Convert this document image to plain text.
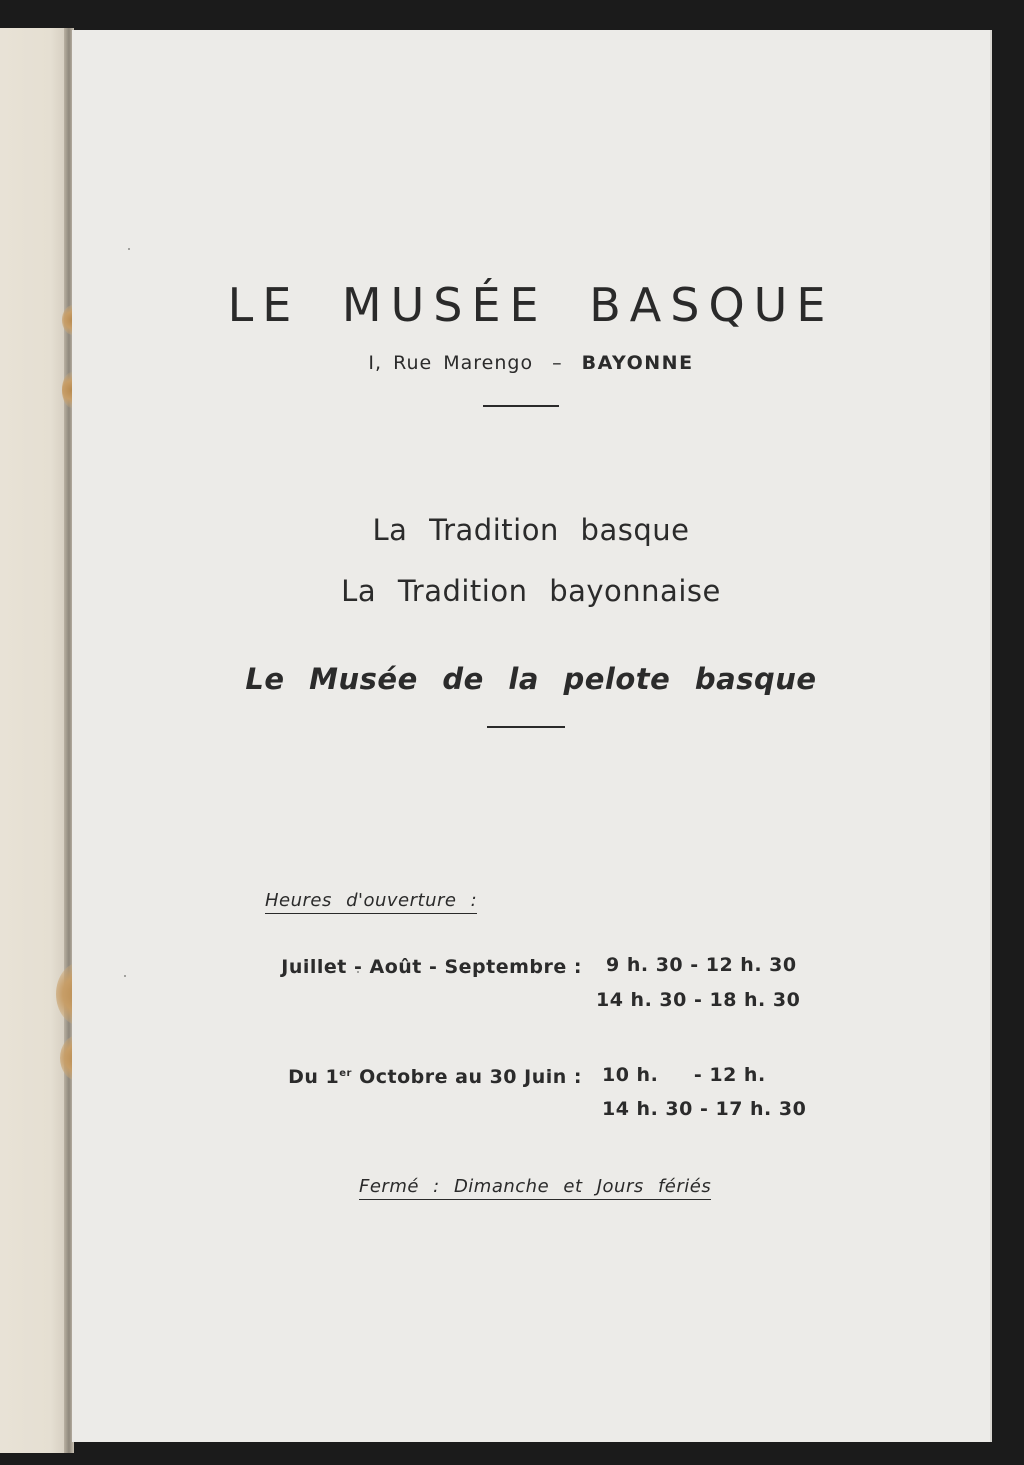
LE MUSÉE BASQUE
I, Rue Marengo – BAYONNE
La Tradition basque
La Tradition bayonnaise
Le Musée de la pelote basque
Heures d'ouverture :
Juillet - Août - Septembre : 9 h. 30 - 12 h. 30
14 h. 30 - 18 h. 30
Du 1er Octobre au 30 Juin : 10 h.     - 12 h.
14 h. 30 - 17 h. 30
Fermé : Dimanche et Jours fériés
